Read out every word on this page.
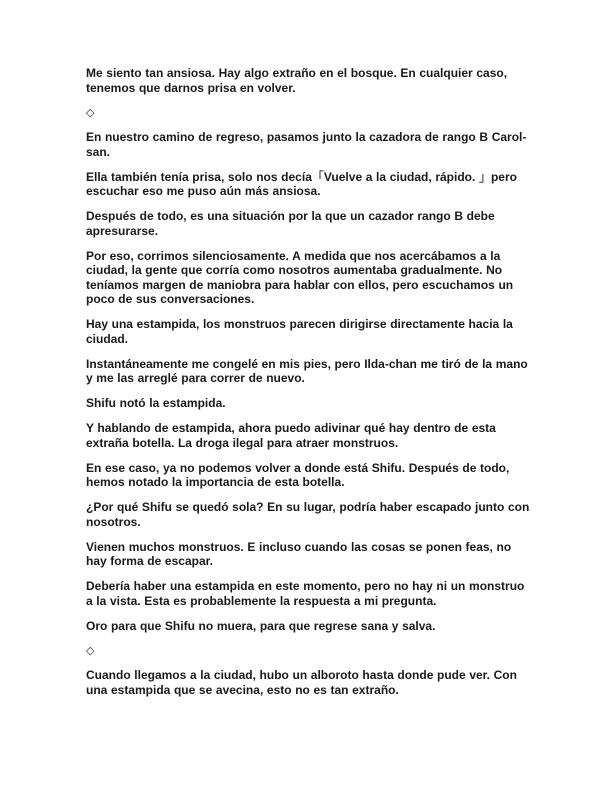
Me siento tan ansiosa. Hay algo extraño en el bosque. En cualquier caso, tenemos que darnos prisa en volver.

◇

En nuestro camino de regreso, pasamos junto la cazadora de rango B Carol-san.

Ella también tenía prisa, solo nos decía「Vuelve a la ciudad, rápido. 」pero escuchar eso me puso aún más ansiosa.

Después de todo, es una situación por la que un cazador rango B debe apresurarse.

Por eso, corrimos silenciosamente. A medida que nos acercábamos a la ciudad, la gente que corría como nosotros aumentaba gradualmente. No teníamos margen de maniobra para hablar con ellos, pero escuchamos un poco de sus conversaciones.

Hay una estampida, los monstruos parecen dirigirse directamente hacia la ciudad.

Instantáneamente me congelé en mis pies, pero Ilda-chan me tiró de la mano y me las arreglé para correr de nuevo.

Shifu notó la estampida.

Y hablando de estampida, ahora puedo adivinar qué hay dentro de esta extraña botella. La droga ilegal para atraer monstruos.

En ese caso, ya no podemos volver a donde está Shifu. Después de todo, hemos notado la importancia de esta botella.

¿Por qué Shifu se quedó sola? En su lugar, podría haber escapado junto con nosotros.

Vienen muchos monstruos. E incluso cuando las cosas se ponen feas, no hay forma de escapar.

Debería haber una estampida en este momento, pero no hay ni un monstruo a la vista. Esta es probablemente la respuesta a mi pregunta.

Oro para que Shifu no muera, para que regrese sana y salva.

◇

Cuando llegamos a la ciudad, hubo un alboroto hasta donde pude ver. Con una estampida que se avecina, esto no es tan extraño.
